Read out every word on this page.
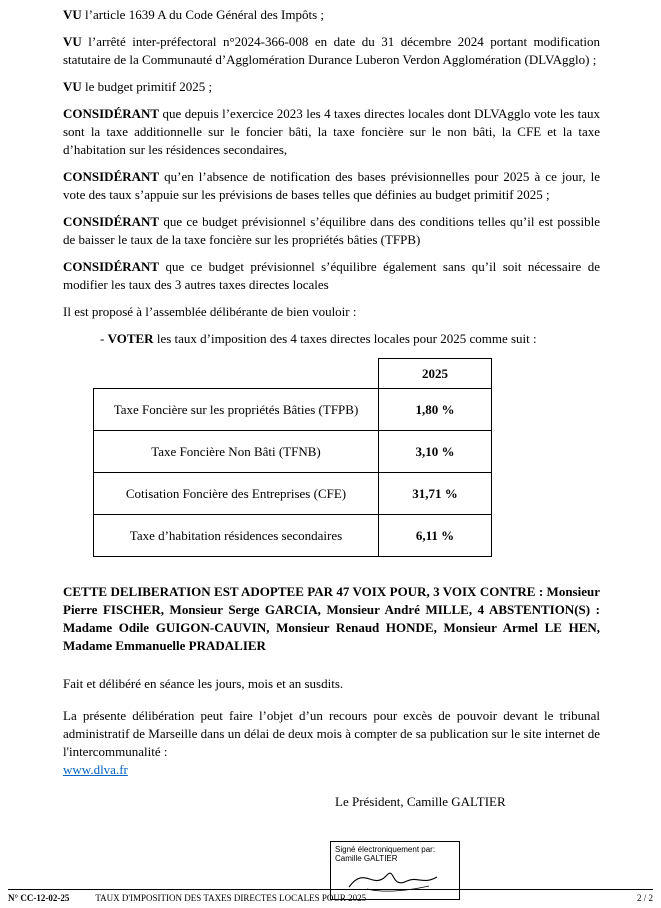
VU l’article 1639 A du Code Général des Impôts ;

VU l’arrêté inter-préfectoral n°2024-366-008 en date du 31 décembre 2024 portant modification statutaire de la Communauté d’Agglomération Durance Luberon Verdon Agglomération (DLVAgglo) ;

VU le budget primitif 2025 ;

CONSIDÉRANT que depuis l’exercice 2023 les 4 taxes directes locales dont DLVAgglo vote les taux sont la taxe additionnelle sur le foncier bâti, la taxe foncière sur le non bâti, la CFE et la taxe d’habitation sur les résidences secondaires,

CONSIDÉRANT qu’en l’absence de notification des bases prévisionnelles pour 2025 à ce jour, le vote des taux s’appuie sur les prévisions de bases telles que définies au budget primitif 2025 ;

CONSIDÉRANT que ce budget prévisionnel s’équilibre dans des conditions telles qu’il est possible de baisser le taux de la taxe foncière sur les propriétés bâties (TFPB)

CONSIDÉRANT que ce budget prévisionnel s’équilibre également sans qu’il soit nécessaire de modifier les taux des 3 autres taxes directes locales

Il est proposé à l’assemblée délibérante de bien vouloir :

- VOTER les taux d’imposition des 4 taxes directes locales pour 2025 comme suit :

	2025
Taxe Foncière sur les propriétés Bâties (TFPB)	1,80 %
Taxe Foncière Non Bâti (TFNB)	3,10 %
Cotisation Foncière des Entreprises (CFE)	31,71 %
Taxe d’habitation résidences secondaires	6,11 %

CETTE DELIBERATION EST ADOPTEE PAR 47 VOIX POUR, 3 VOIX CONTRE : Monsieur Pierre FISCHER, Monsieur Serge GARCIA, Monsieur André MILLE, 4 ABSTENTION(S) : Madame Odile GUIGON-CAUVIN, Monsieur Renaud HONDE, Monsieur Armel LE HEN, Madame Emmanuelle PRADALIER

Fait et délibéré en séance les jours, mois et an susdits.

La présente délibération peut faire l’objet d’un recours pour excès de pouvoir devant le tribunal administratif de Marseille dans un délai de deux mois à compter de sa publication sur le site internet de l'intercommunalité :

www.dlva.fr

Le Président, Camille GALTIER

Signé électroniquement par:
Camille GALTIER
N° CC-12-02-25	TAUX D'IMPOSITION DES TAXES DIRECTES LOCALES POUR 2025	2 / 2
